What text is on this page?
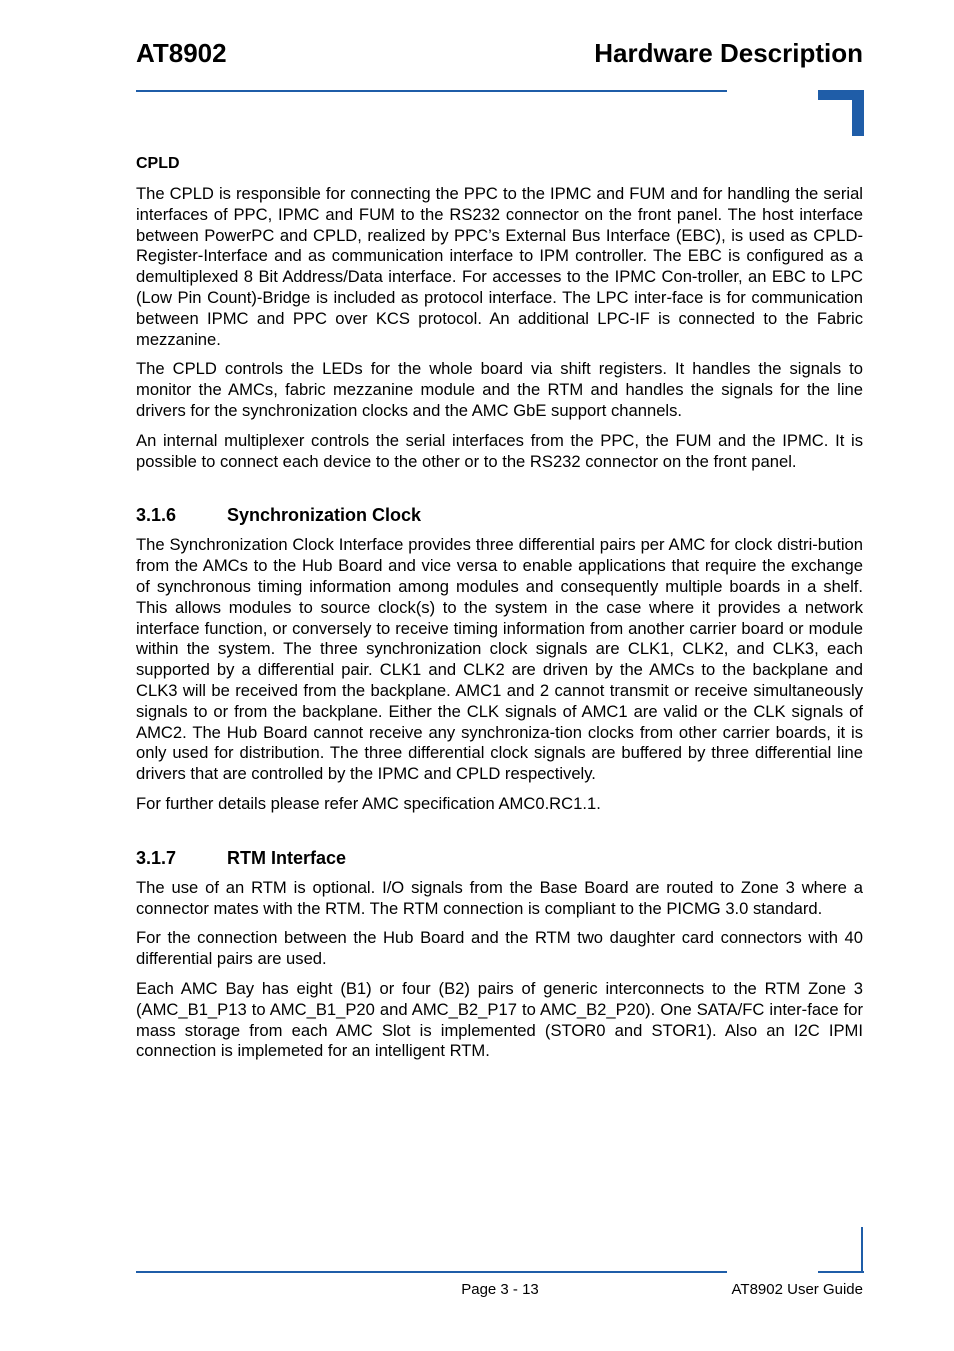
AT8902	Hardware Description
CPLD

The CPLD is responsible for connecting the PPC to the IPMC and FUM and for handling the serial interfaces of PPC, IPMC and FUM to the RS232 connector on the front panel. The host interface between PowerPC and CPLD, realized by PPC’s External Bus Interface (EBC), is used as CPLD-Register-Interface and as communication interface to IPM controller. The EBC is configured as a demultiplexed 8 Bit Address/Data interface. For accesses to the IPMC Con-troller, an EBC to LPC (Low Pin Count)-Bridge is included as protocol interface. The LPC inter-face is for communication between IPMC and PPC over KCS protocol. An additional LPC-IF is connected to the Fabric mezzanine.

The CPLD controls the LEDs for the whole board via shift registers. It handles the signals to monitor the AMCs, fabric mezzanine module and the RTM and handles the signals for the line drivers for the synchronization clocks and the AMC GbE support channels.

An internal multiplexer controls the serial interfaces from the PPC, the FUM and the IPMC. It is possible to connect each device to the other or to the RS232 connector on the front panel.

3.1.6	Synchronization Clock

The Synchronization Clock Interface provides three differential pairs per AMC for clock distri-bution from the AMCs to the Hub Board and vice versa to enable applications that require the exchange of synchronous timing information among modules and consequently multiple boards in a shelf. This allows modules to source clock(s) to the system in the case where it provides a network interface function, or conversely to receive timing information from another carrier board or module within the system. The three synchronization clock signals are CLK1, CLK2, and CLK3, each supported by a differential pair. CLK1 and CLK2 are driven by the AMCs to the backplane and CLK3 will be received from the backplane. AMC1 and 2 cannot transmit or receive simultaneously signals to or from the backplane. Either the CLK signals of AMC1 are valid or the CLK signals of AMC2. The Hub Board cannot receive any synchroniza-tion clocks from other carrier boards, it is only used for distribution. The three differential clock signals are buffered by three differential line drivers that are controlled by the IPMC and CPLD respectively.

For further details please refer AMC specification AMC0.RC1.1.

3.1.7	RTM Interface

The use of an RTM is optional. I/O signals from the Base Board are routed to Zone 3 where a connector mates with the RTM. The RTM connection is compliant to the PICMG 3.0 standard.

For the connection between the Hub Board and the RTM two daughter card connectors with 40 differential pairs are used.

Each AMC Bay has eight (B1) or four (B2) pairs of generic interconnects to the RTM Zone 3 (AMC_B1_P13 to AMC_B1_P20 and AMC_B2_P17 to AMC_B2_P20). One SATA/FC inter-face for mass storage from each AMC Slot is implemented (STOR0 and STOR1). Also an I2C IPMI connection is implemeted for an intelligent RTM.

Page 3 - 13	AT8902 User Guide
